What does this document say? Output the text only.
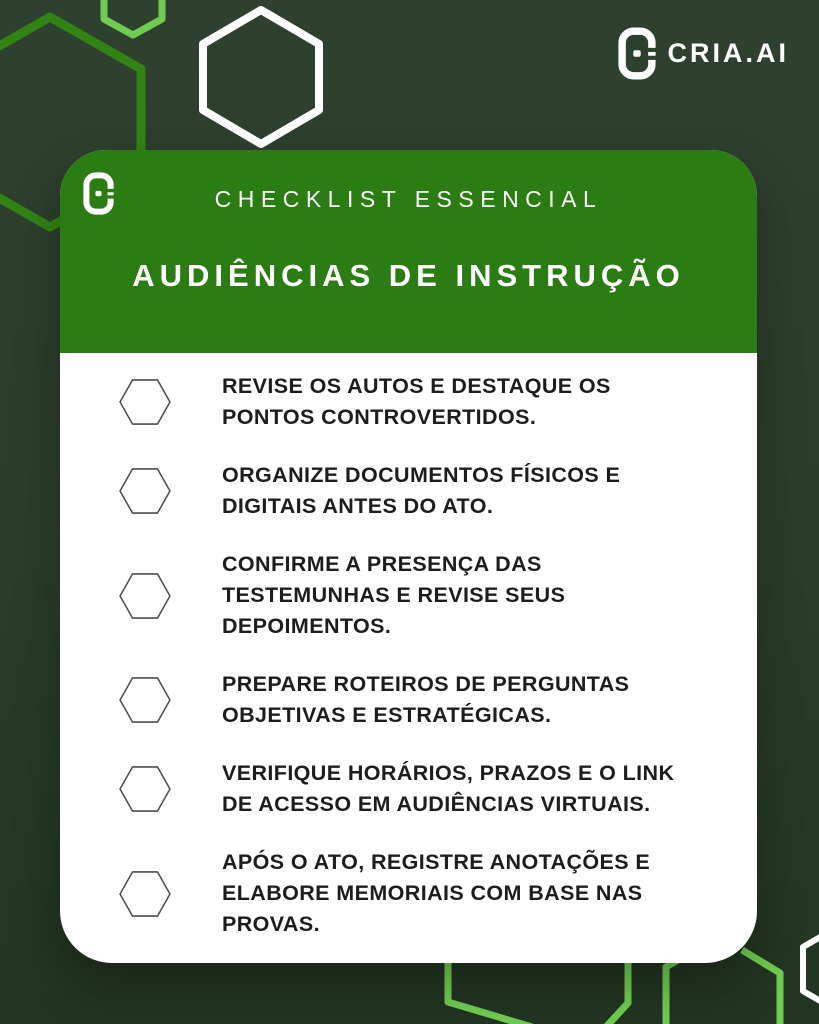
CRIA.AI
CHECKLIST ESSENCIAL
AUDIÊNCIAS DE INSTRUÇÃO
REVISE OS AUTOS E DESTAQUE OS
PONTOS CONTROVERTIDOS.
ORGANIZE DOCUMENTOS FÍSICOS E
DIGITAIS ANTES DO ATO.
CONFIRME A PRESENÇA DAS
TESTEMUNHAS E REVISE SEUS
DEPOIMENTOS.
PREPARE ROTEIROS DE PERGUNTAS
OBJETIVAS E ESTRATÉGICAS.
VERIFIQUE HORÁRIOS, PRAZOS E O LINK
DE ACESSO EM AUDIÊNCIAS VIRTUAIS.
APÓS O ATO, REGISTRE ANOTAÇÕES E
ELABORE MEMORIAIS COM BASE NAS
PROVAS.
